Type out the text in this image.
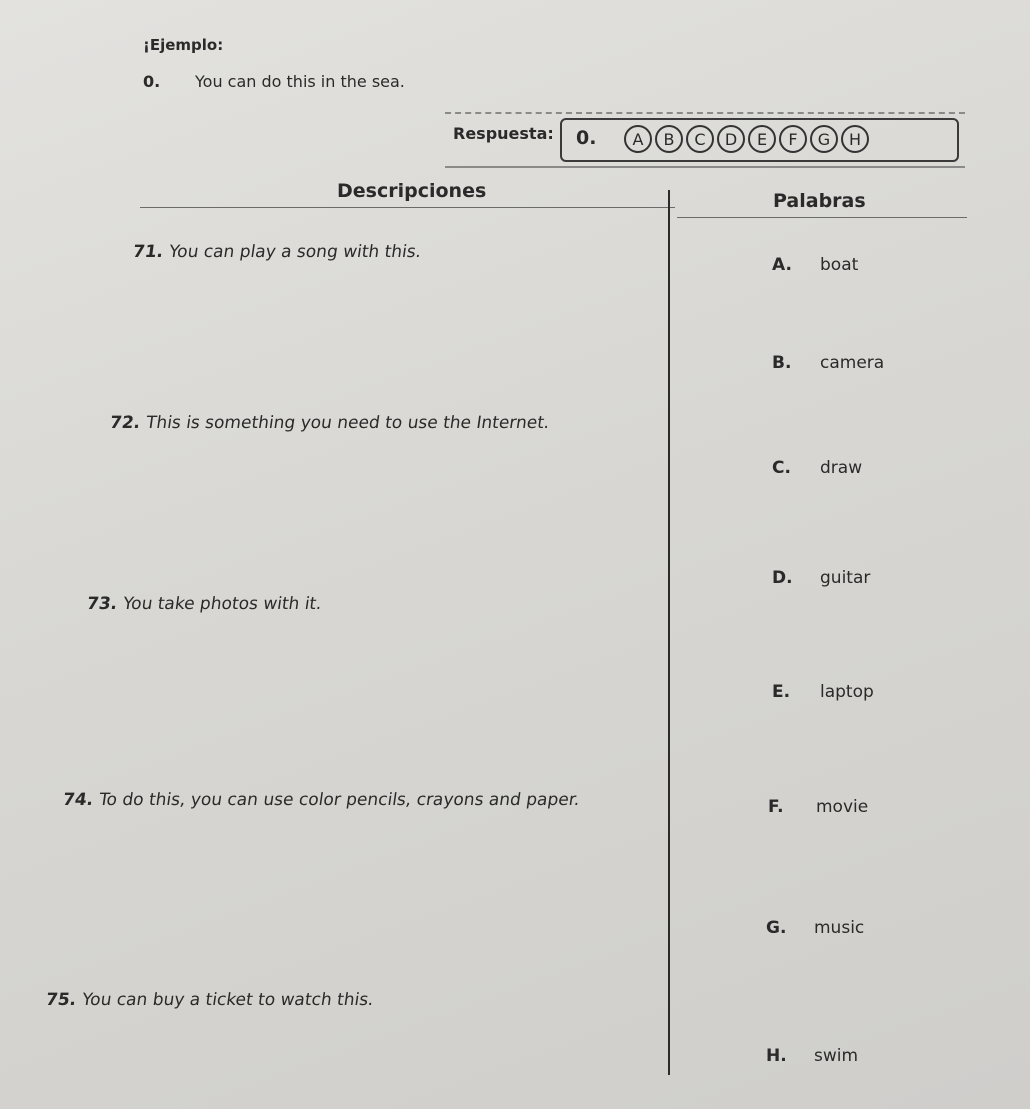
¡Ejemplo:
0. You can do this in the sea.
Respuesta: 0.	A	B	C	D	E	F	G	H
Descripciones	Palabras
71. You can play a song with this.
72. This is something you need to use the Internet.
73. You take photos with it.
74. To do this, you can use color pencils, crayons and paper.
75. You can buy a ticket to watch this.
A. boat
B. camera
C. draw
D. guitar
E. laptop
F. movie
G. music
H. swim
